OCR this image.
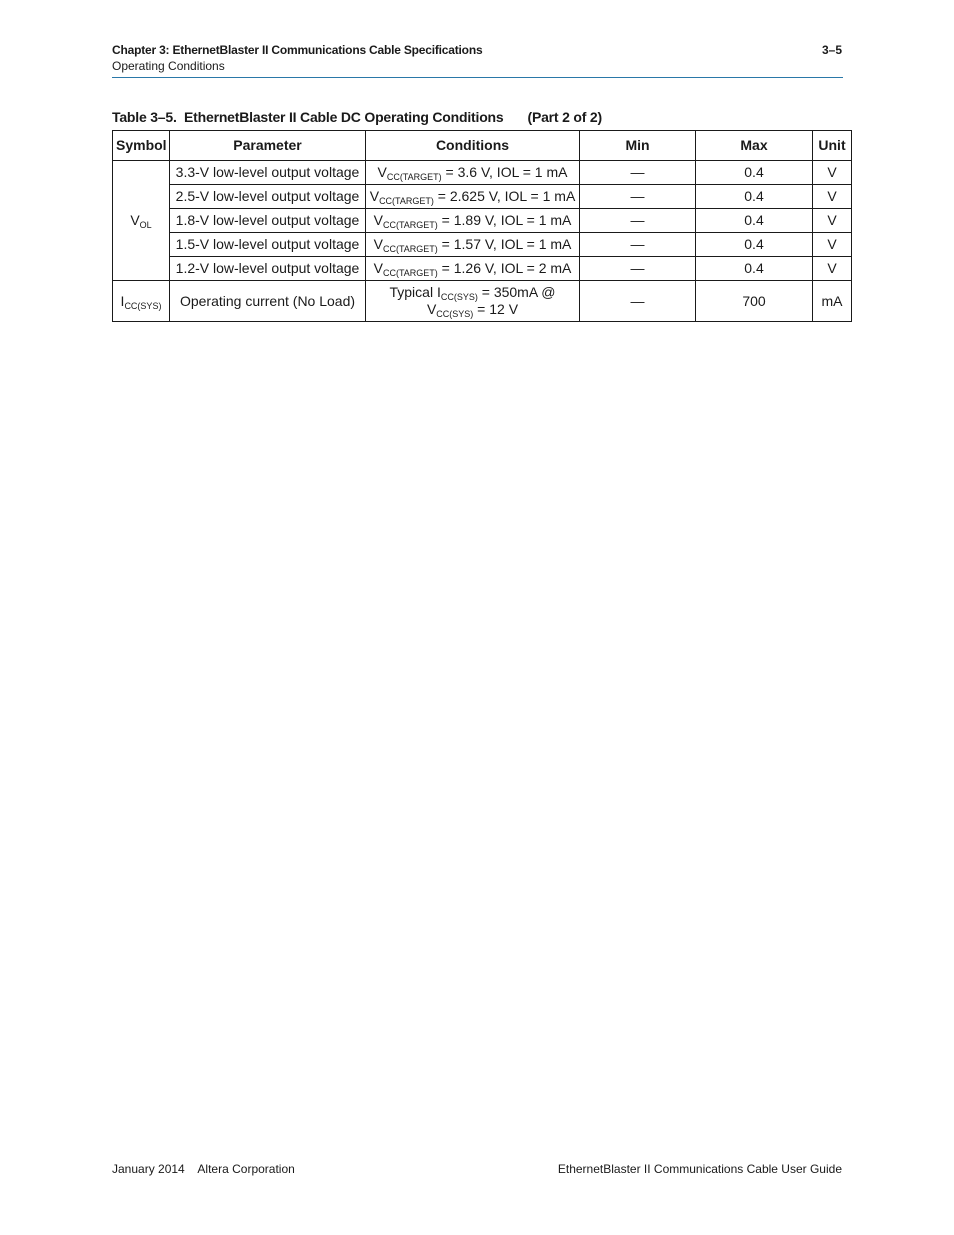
Chapter 3: EthernetBlaster II Communications Cable Specifications	3–5
Operating Conditions
Table 3–5.  EthernetBlaster II Cable DC Operating Conditions (Part 2 of 2)
Symbol	Parameter	Conditions	Min	Max	Unit
$V_{OL}$	3.3-V low-level output voltage	$V_{CC(TARGET)} = 3.6$ V, IOL = 1 mA	—	0.4	V
	2.5-V low-level output voltage	$V_{CC(TARGET)} = 2.625$ V, IOL = 1 mA	—	0.4	V
	1.8-V low-level output voltage	$V_{CC(TARGET)} = 1.89$ V, IOL = 1 mA	—	0.4	V
	1.5-V low-level output voltage	$V_{CC(TARGET)} = 1.57$ V, IOL = 1 mA	—	0.4	V
	1.2-V low-level output voltage	$V_{CC(TARGET)} = 1.26$ V, IOL = 2 mA	—	0.4	V
$I_{CC(SYS)}$	Operating current (No Load)	Typical $I_{CC(SYS)} = 350mA$ @
$V_{CC(SYS)} = 12$ V	—	700	mA
January 2014 Altera Corporation	EthernetBlaster II Communications Cable User Guide
